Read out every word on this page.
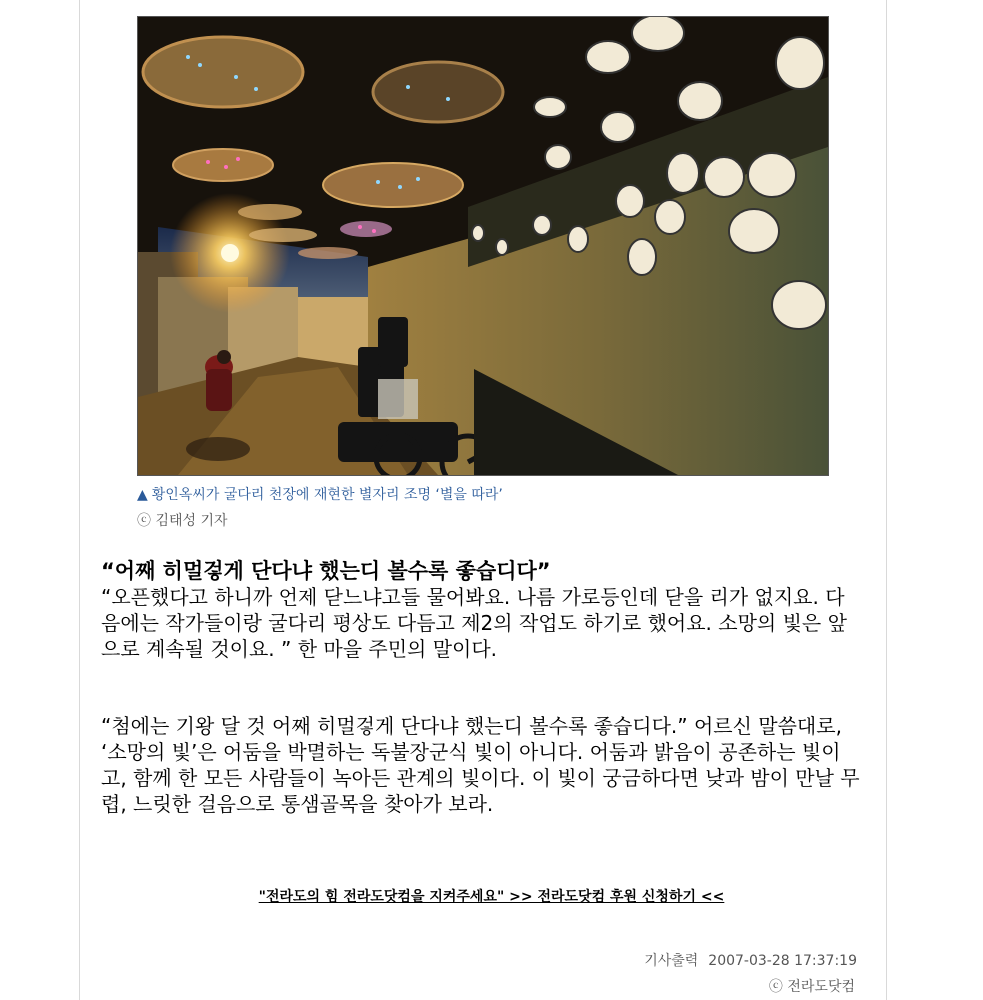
▲ 황인옥씨가 굴다리 천장에 재현한 별자리 조명 ‘별을 따라’
ⓒ 김태성 기자
“어째 히멀겋게 단다냐 했는디 볼수록 좋습디다”
“오픈했다고 하니까 언제 닫느냐고들 물어봐요. 나름 가로등인데 닫을 리가 없지요. 다음에는 작가들이랑 굴다리 평상도 다듬고 제2의 작업도 하기로 했어요. 소망의 빛은 앞으로 계속될 것이요. ” 한 마을 주민의 말이다.
“첨에는 기왕 달 것 어째 히멀겋게 단다냐 했는디 볼수록 좋습디다.” 어르신 말씀대로, ‘소망의 빛’은 어둠을 박멸하는 독불장군식 빛이 아니다. 어둠과 밝음이 공존하는 빛이고, 함께 한 모든 사람들이 녹아든 관계의 빛이다. 이 빛이 궁금하다면 낮과 밤이 만날 무렵, 느릿한 걸음으로 통샘골목을 찾아가 보라.
"전라도의 힘 전라도닷컴을 지켜주세요" >> 전라도닷컴 후원 신청하기 <<
기사출력 2007-03-28 17:37:19
ⓒ 전라도닷컴
